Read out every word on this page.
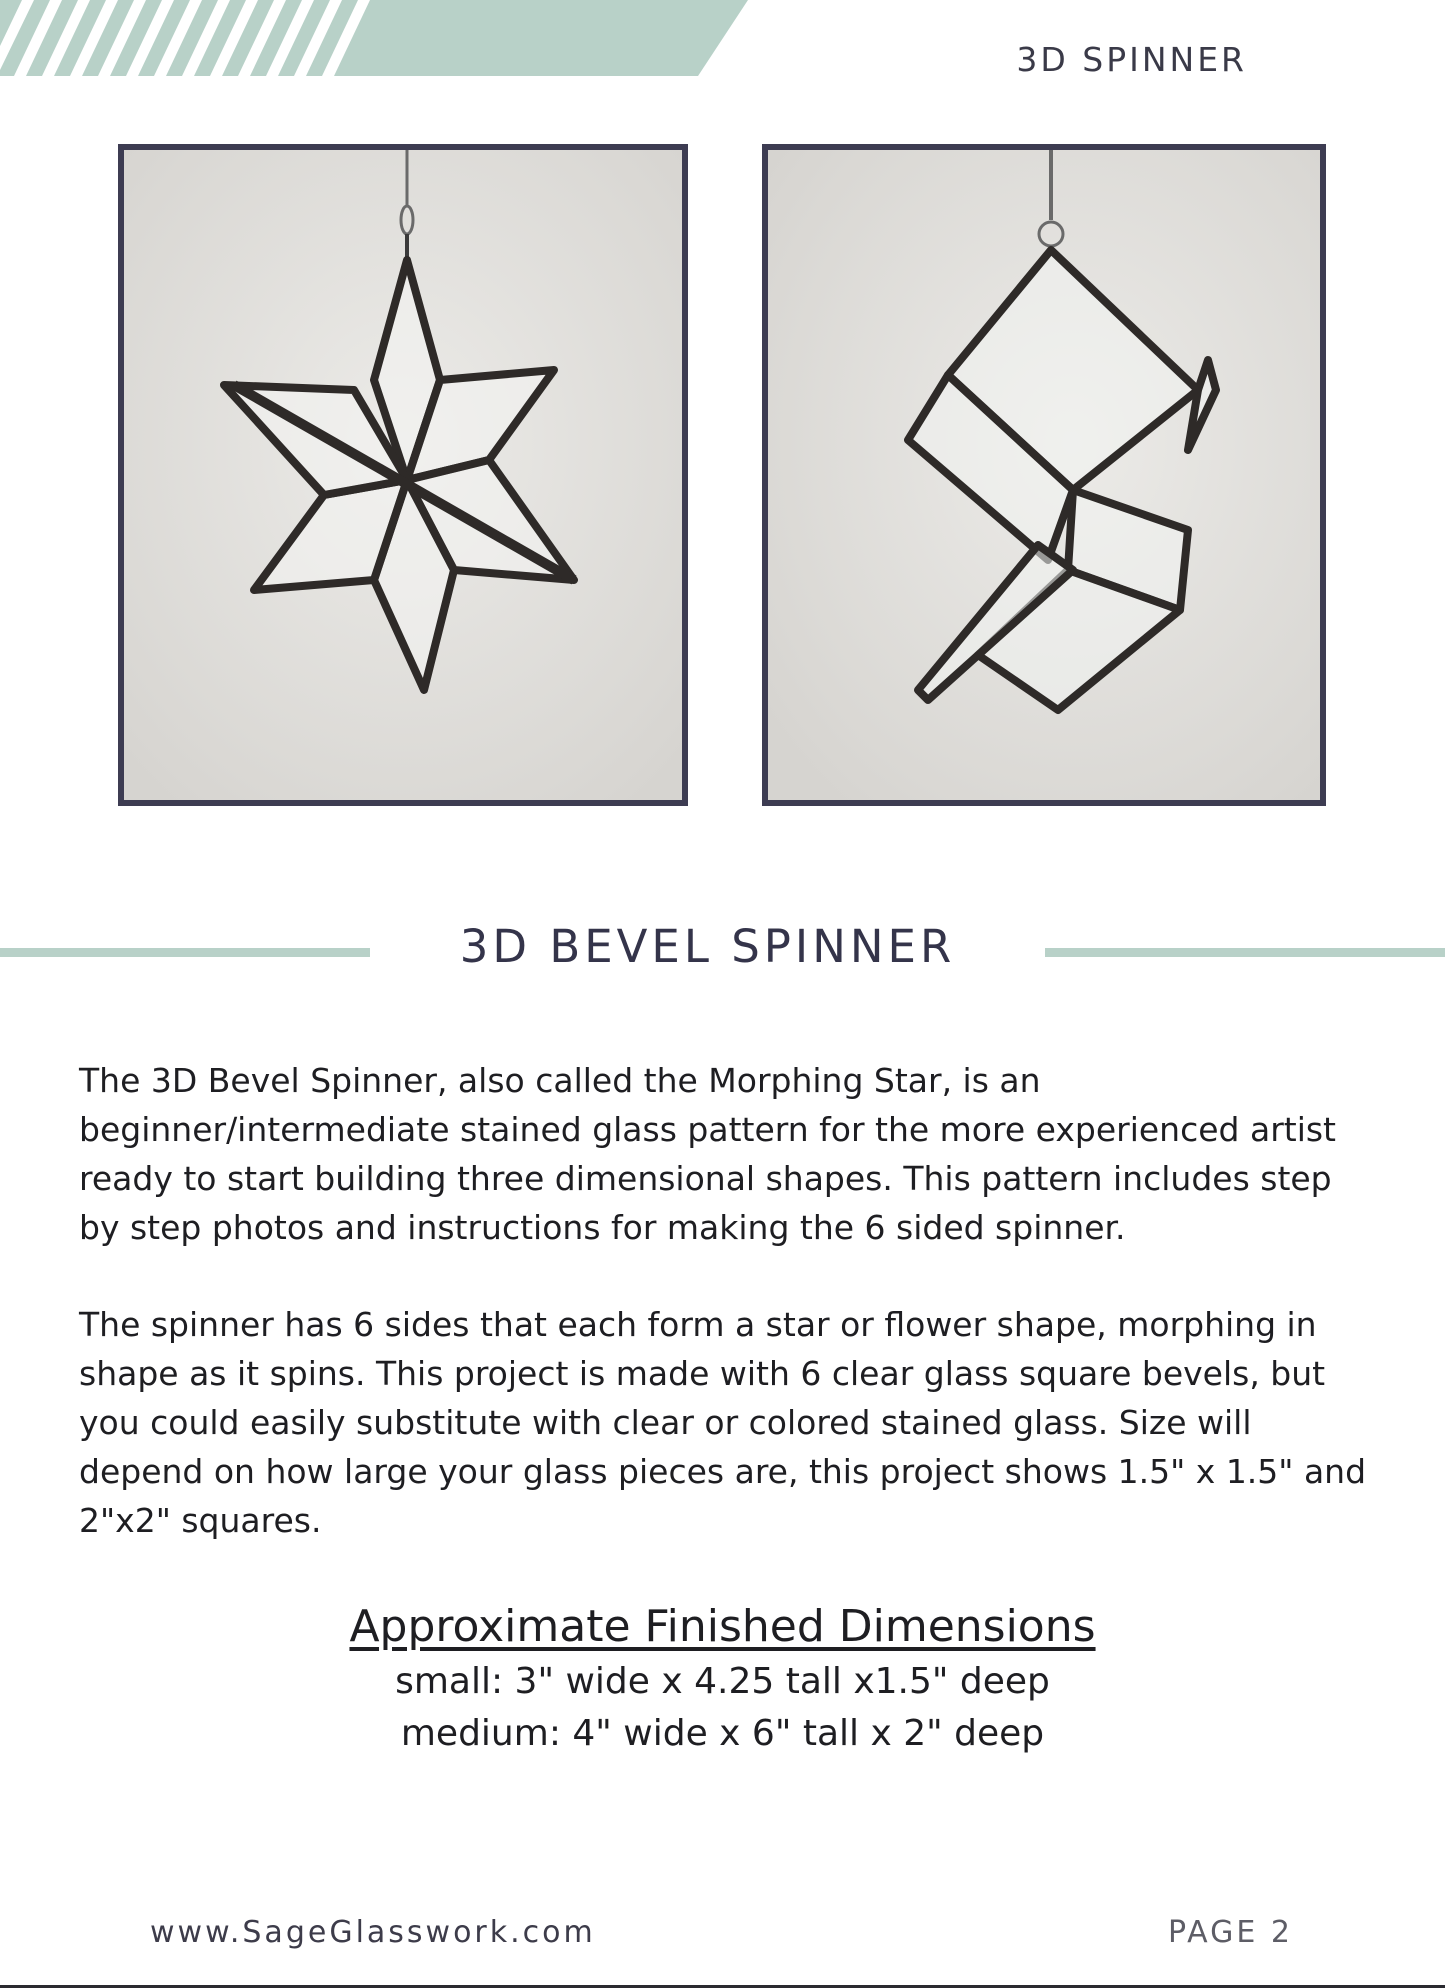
3D SPINNER
3D BEVEL SPINNER

The 3D Bevel Spinner, also called the Morphing Star, is an beginner/intermediate stained glass pattern for the more experienced artist ready to start building three dimensional shapes. This pattern includes step by step photos and instructions for making the 6 sided spinner.

The spinner has 6 sides that each form a star or flower shape, morphing in shape as it spins. This project is made with 6 clear glass square bevels, but you could easily substitute with clear or colored stained glass. Size will depend on how large your glass pieces are, this project shows 1.5" x 1.5" and 2"x2" squares.

Approximate Finished Dimensions
small: 3" wide x 4.25 tall x1.5" deep
medium: 4" wide x 6" tall x 2" deep
www.SageGlasswork.com	PAGE 2
